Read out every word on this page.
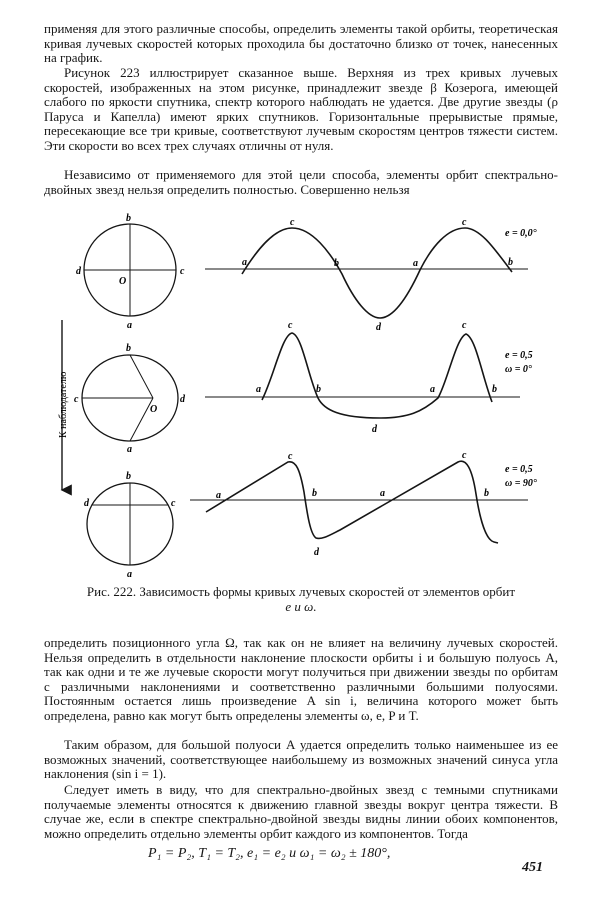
применяя для этого различные способы, определить элементы такой орбиты, теоретическая кривая лучевых скоростей которых проходила бы достаточно близко от точек, нанесенных на график.

Рисунок 223 иллюстрирует сказанное выше. Верхняя из трех кривых лучевых скоростей, изображенных на этом рисунке, принадлежит звезде β Козерога, имеющей слабого по яркости спутника, спектр которого наблюдать не удается. Две другие звезды (ρ Паруса и Капелла) имеют ярких спутников. Горизонтальные прерывистые прямые, пересекающие все три кривые, соответствуют лучевым скоростям центров тяжести систем. Эти скорости во всех трех случаях отличны от нуля.

Независимо от применяемого для этой цели способа, элементы орбит спектрально-двойных звезд нельзя определить полностью. Совершенно нельзя

К наблюдателю
b
d	c
a
O
a
c
b
d
a
c
b
e = 0,0°
b
c	d
a
O
a
c
b
d
a
c
b
e = 0,5
ω = 0°
b
d	c
a
a
c
b
d
a
c
b
e = 0,5
ω = 90°
Рис. 222. Зависимость формы кривых лучевых скоростей от элементов орбит
e и ω.

определить позиционного угла Ω, так как он не влияет на величину лучевых скоростей. Нельзя определить в отдельности наклонение плоскости орбиты i и большую полуось A, так как одни и те же лучевые скорости могут получиться при движении звезды по орбитам с различными наклонениями и соответственно различными большими полуосями. Постоянным остается лишь произведение A sin i, величина которого может быть определена, равно как могут быть определены элементы ω, e, P и T.

Таким образом, для большой полуоси A удается определить только наименьшее из ее возможных значений, соответствующее наибольшему из возможных значений синуса угла наклонения (sin i = 1).

Следует иметь в виду, что для спектрально-двойных звезд с темными спутниками получаемые элементы относятся к движению главной звезды вокруг центра тяжести. В случае же, если в спектре спектрально-двойной звезды видны линии обоих компонентов, можно определить отдельно элементы орбит каждого из компонентов. Тогда

P₁ = P₂, T₁ = T₂, e₁ = e₂ и ω₁ = ω₂ ± 180°,
451
